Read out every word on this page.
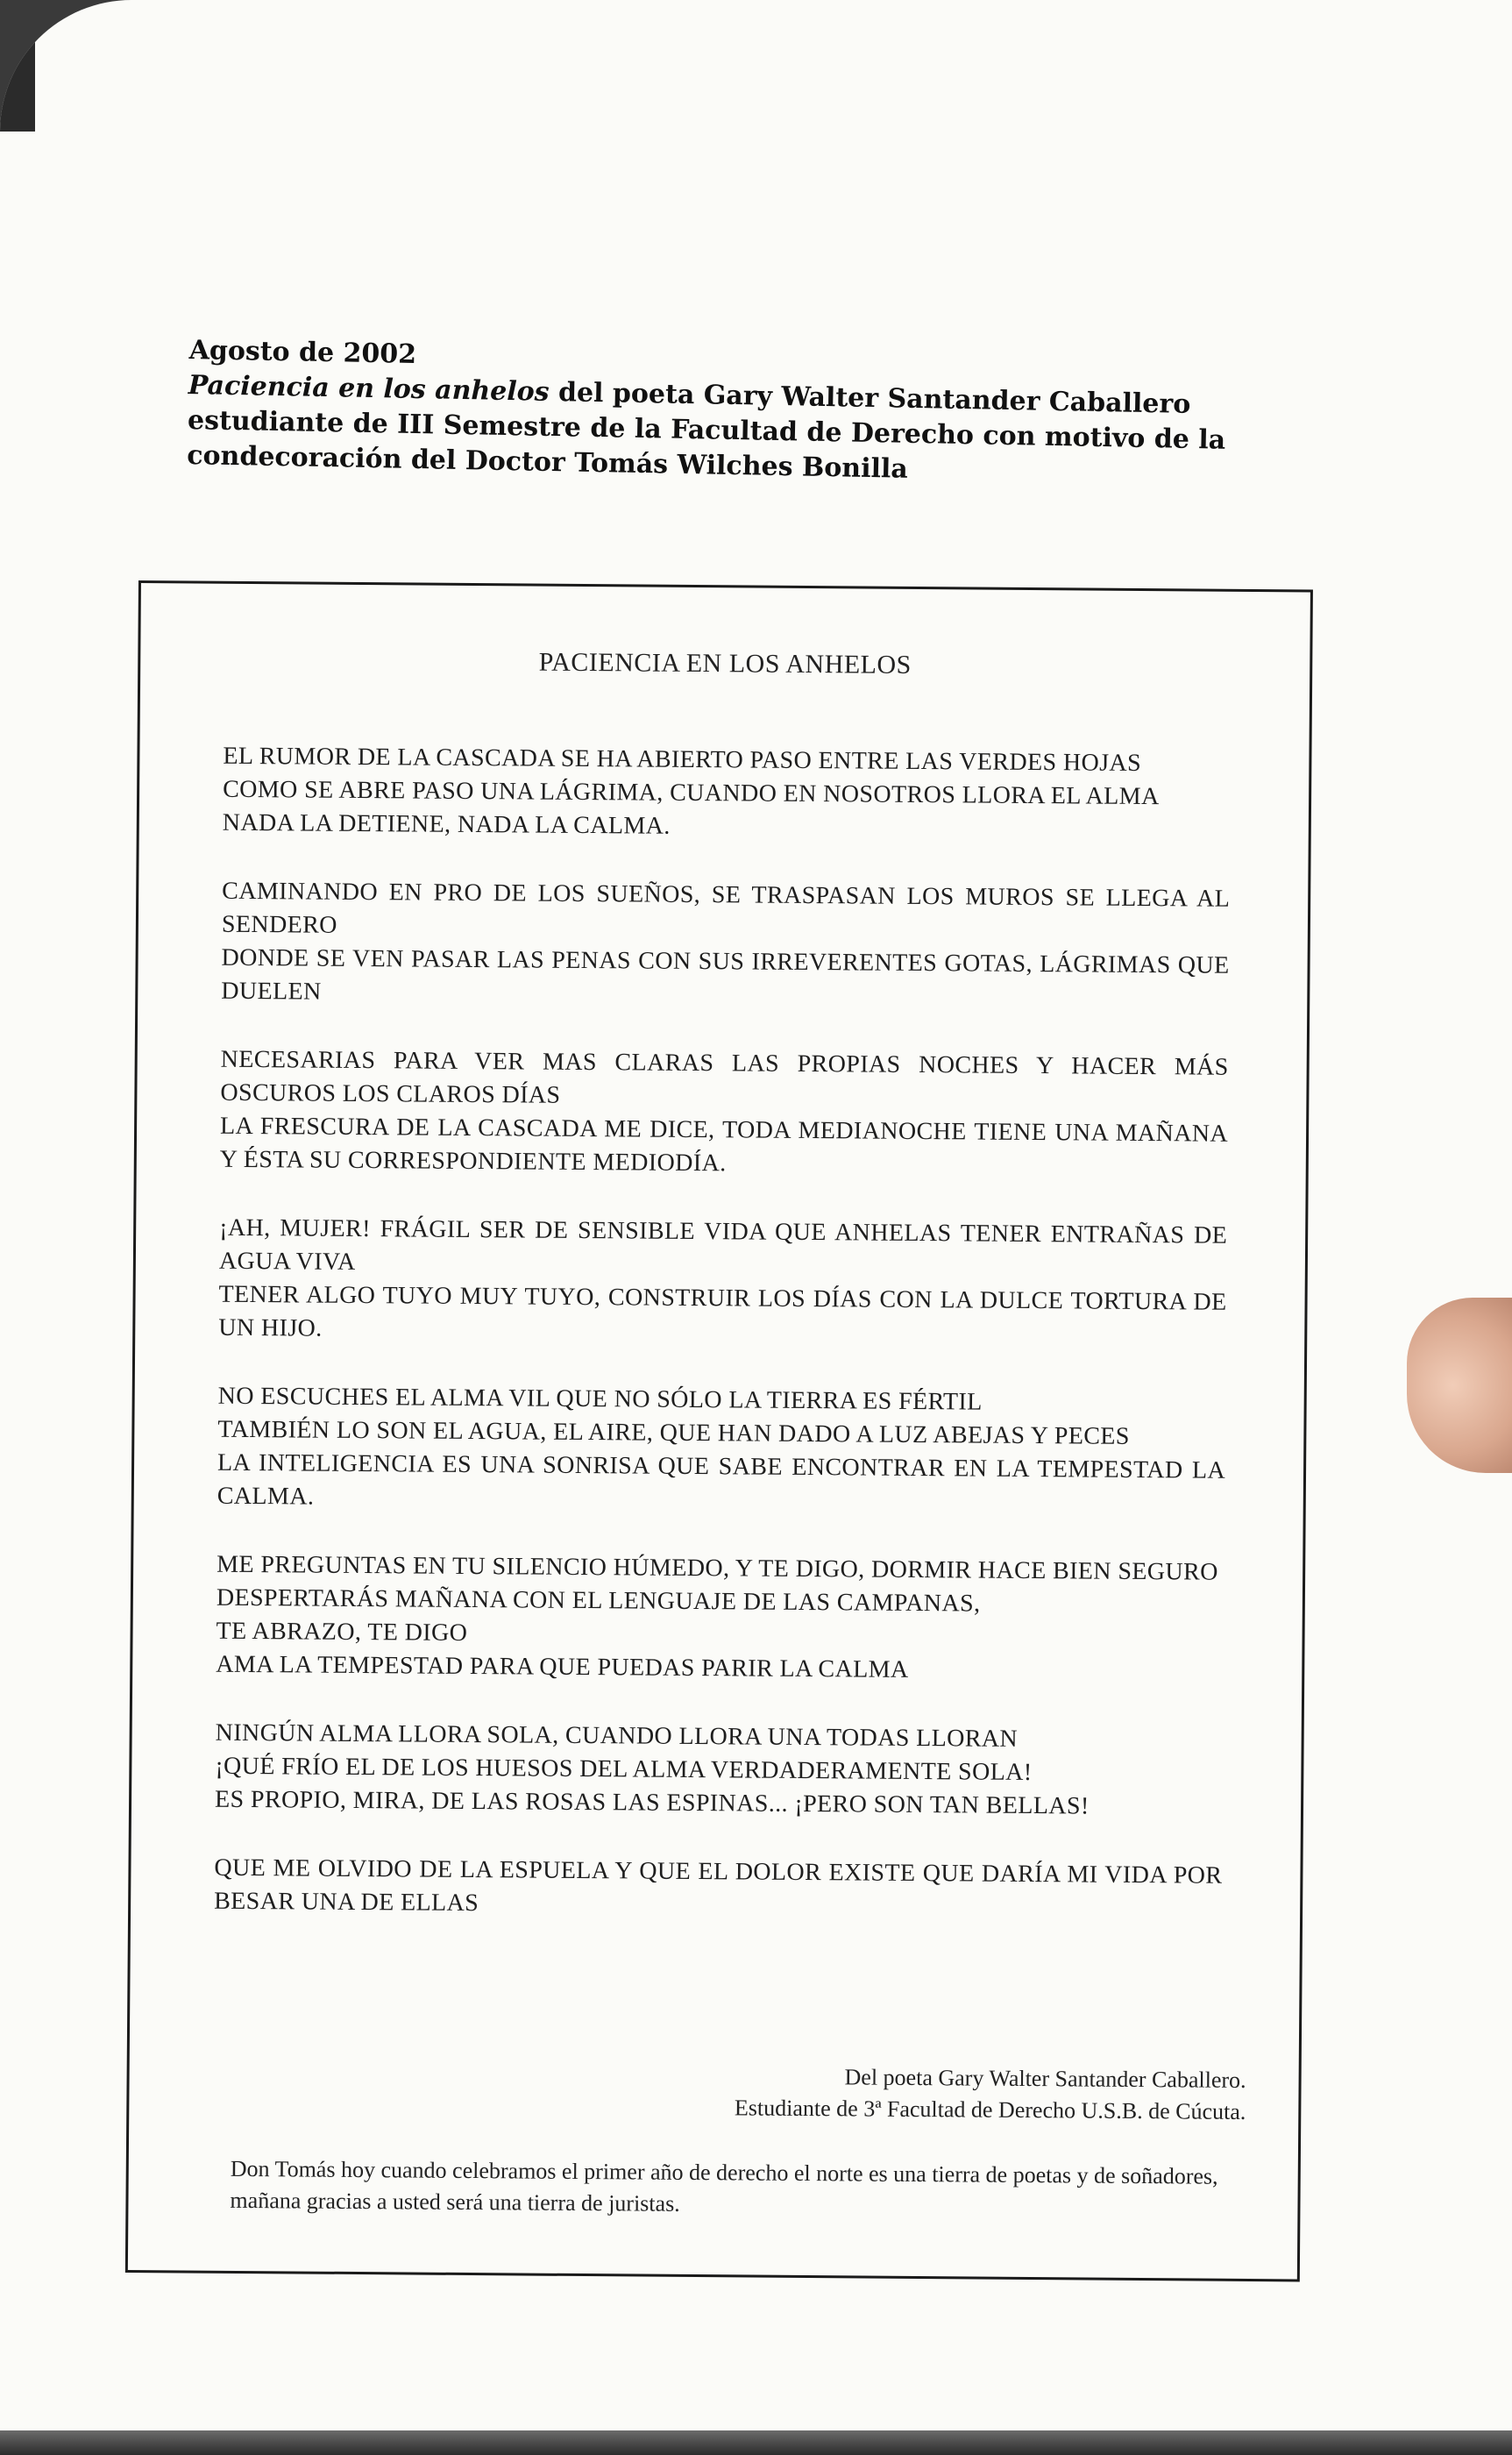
Agosto de 2002
Paciencia en los anhelos del poeta Gary Walter Santander Caballero estudiante de III Semestre de la Facultad de Derecho con motivo de la condecoración del Doctor Tomás Wilches Bonilla
PACIENCIA EN LOS ANHELOS
EL RUMOR DE LA CASCADA SE HA ABIERTO PASO ENTRE LAS VERDES HOJAS
COMO SE ABRE PASO UNA LÁGRIMA, CUANDO EN NOSOTROS LLORA EL ALMA
NADA LA DETIENE, NADA LA CALMA.
CAMINANDO EN PRO DE LOS SUEÑOS, SE TRASPASAN LOS MUROS SE LLEGA AL SENDERO
DONDE SE VEN PASAR LAS PENAS CON SUS IRREVERENTES GOTAS, LÁGRIMAS QUE DUELEN
NECESARIAS PARA VER MAS CLARAS LAS PROPIAS NOCHES Y HACER MÁS OSCUROS LOS CLAROS DÍAS
LA FRESCURA DE LA CASCADA ME DICE, TODA MEDIANOCHE TIENE UNA MAÑANA Y ÉSTA SU CORRESPONDIENTE MEDIODÍA.
¡AH, MUJER! FRÁGIL SER DE SENSIBLE VIDA QUE ANHELAS TENER ENTRAÑAS DE AGUA VIVA
TENER ALGO TUYO MUY TUYO, CONSTRUIR LOS DÍAS CON LA DULCE TORTURA DE UN HIJO.
NO ESCUCHES EL ALMA VIL QUE NO SÓLO LA TIERRA ES FÉRTIL
TAMBIÉN LO SON EL AGUA, EL AIRE, QUE HAN DADO A LUZ ABEJAS Y PECES
LA INTELIGENCIA ES UNA SONRISA QUE SABE ENCONTRAR EN LA TEMPESTAD LA CALMA.
ME PREGUNTAS EN TU SILENCIO HÚMEDO, Y TE DIGO, DORMIR HACE BIEN SEGURO
DESPERTARÁS MAÑANA CON EL LENGUAJE DE LAS CAMPANAS,
TE ABRAZO, TE DIGO
AMA LA TEMPESTAD PARA QUE PUEDAS PARIR LA CALMA
NINGÚN ALMA LLORA SOLA, CUANDO LLORA UNA TODAS LLORAN
¡QUÉ FRÍO EL DE LOS HUESOS DEL ALMA VERDADERAMENTE SOLA!
ES PROPIO, MIRA, DE LAS ROSAS LAS ESPINAS... ¡PERO SON TAN BELLAS!
QUE ME OLVIDO DE LA ESPUELA Y QUE EL DOLOR EXISTE QUE DARÍA MI VIDA POR BESAR UNA DE ELLAS
Del poeta Gary Walter Santander Caballero.
Estudiante de 3ª Facultad de Derecho U.S.B. de Cúcuta.
Don Tomás hoy cuando celebramos el primer año de derecho el norte es una tierra de poetas y de soñadores, mañana gracias a usted será una tierra de juristas.
